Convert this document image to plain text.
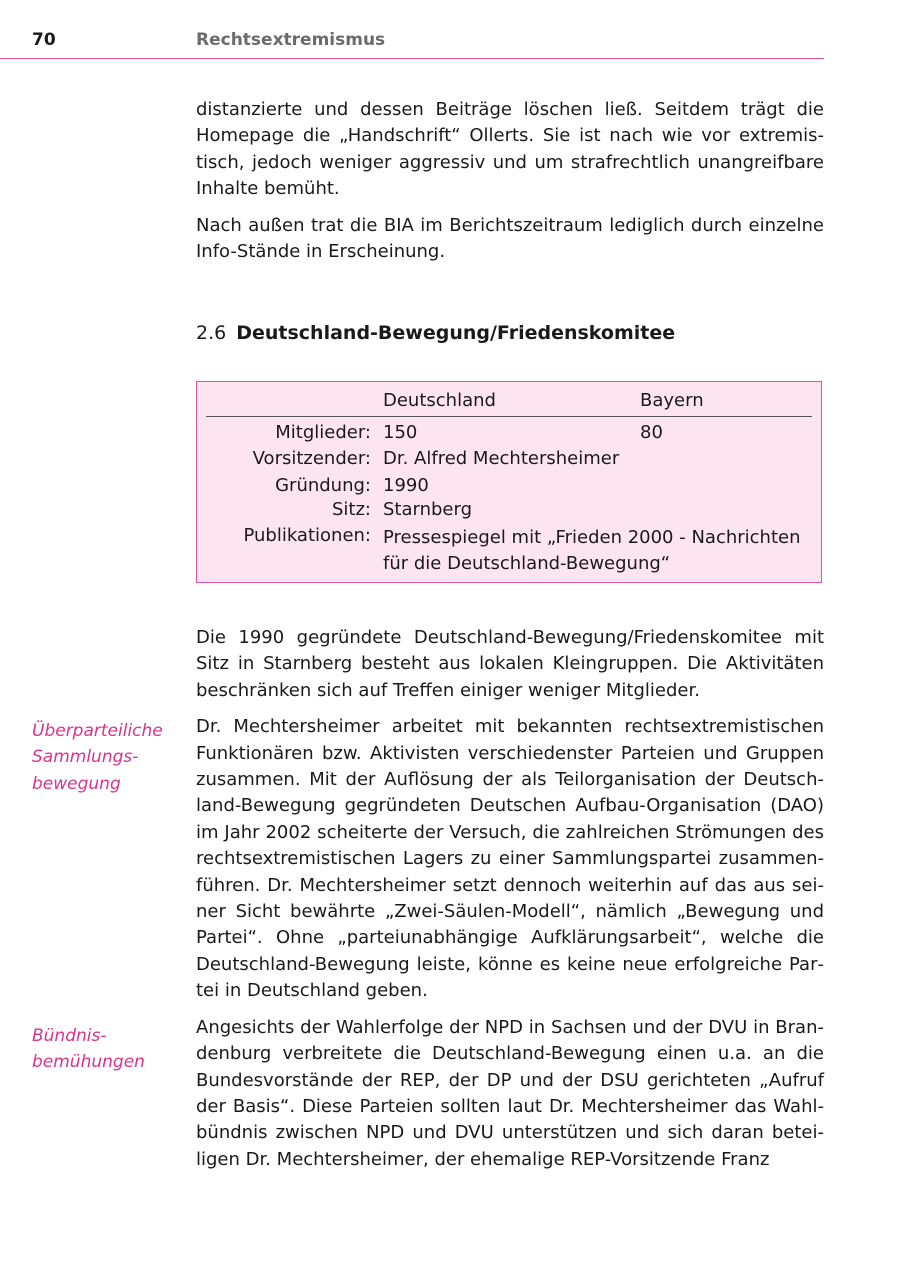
70	Rechtsextremismus

distanzierte und dessen Beiträge löschen ließ. Seitdem trägt die Homepage die „Handschrift“ Ollerts. Sie ist nach wie vor extremistisch, jedoch weniger aggressiv und um strafrechtlich unangreifbare Inhalte bemüht.

Nach außen trat die BIA im Berichtszeitraum lediglich durch einzelne Info-Stände in Erscheinung.

2.6 Deutschland-Bewegung/Friedenskomitee
Deutschland	Bayern
Mitglieder: 150	80
Vorsitzender: Dr. Alfred Mechtersheimer
Gründung: 1990
Sitz: Starnberg
Publikationen: Pressespiegel mit „Frieden 2000 - Nachrichten für die Deutschland-Bewegung“

Die 1990 gegründete Deutschland-Bewegung/Friedenskomitee mit Sitz in Starnberg besteht aus lokalen Kleingruppen. Die Aktivitäten beschränken sich auf Treffen einiger weniger Mitglieder.

Dr. Mechtersheimer arbeitet mit bekannten rechtsextremistischen Funktionären bzw. Aktivisten verschiedenster Parteien und Gruppen zusammen. Mit der Auflösung der als Teilorganisation der Deutschland-Bewegung gegründeten Deutschen Aufbau-Organisation (DAO) im Jahr 2002 scheiterte der Versuch, die zahlreichen Strömungen des rechtsextremistischen Lagers zu einer Sammlungspartei zusammenführen. Dr. Mechtersheimer setzt dennoch weiterhin auf das aus seiner Sicht bewährte „Zwei-Säulen-Modell“, nämlich „Bewegung und Partei“. Ohne „parteiunabhängige Aufklärungsarbeit“, welche die Deutschland-Bewegung leiste, könne es keine neue erfolgreiche Partei in Deutschland geben.

Angesichts der Wahlerfolge der NPD in Sachsen und der DVU in Brandenburg verbreitete die Deutschland-Bewegung einen u.a. an die Bundesvorstände der REP, der DP und der DSU gerichteten „Aufruf der Basis“. Diese Parteien sollten laut Dr. Mechtersheimer das Wahlbündnis zwischen NPD und DVU unterstützen und sich daran beteiligen Dr. Mechtersheimer, der ehemalige REP-Vorsitzende Franz

Überparteiliche Sammlungsbewegung
Bündnisbemühungen
